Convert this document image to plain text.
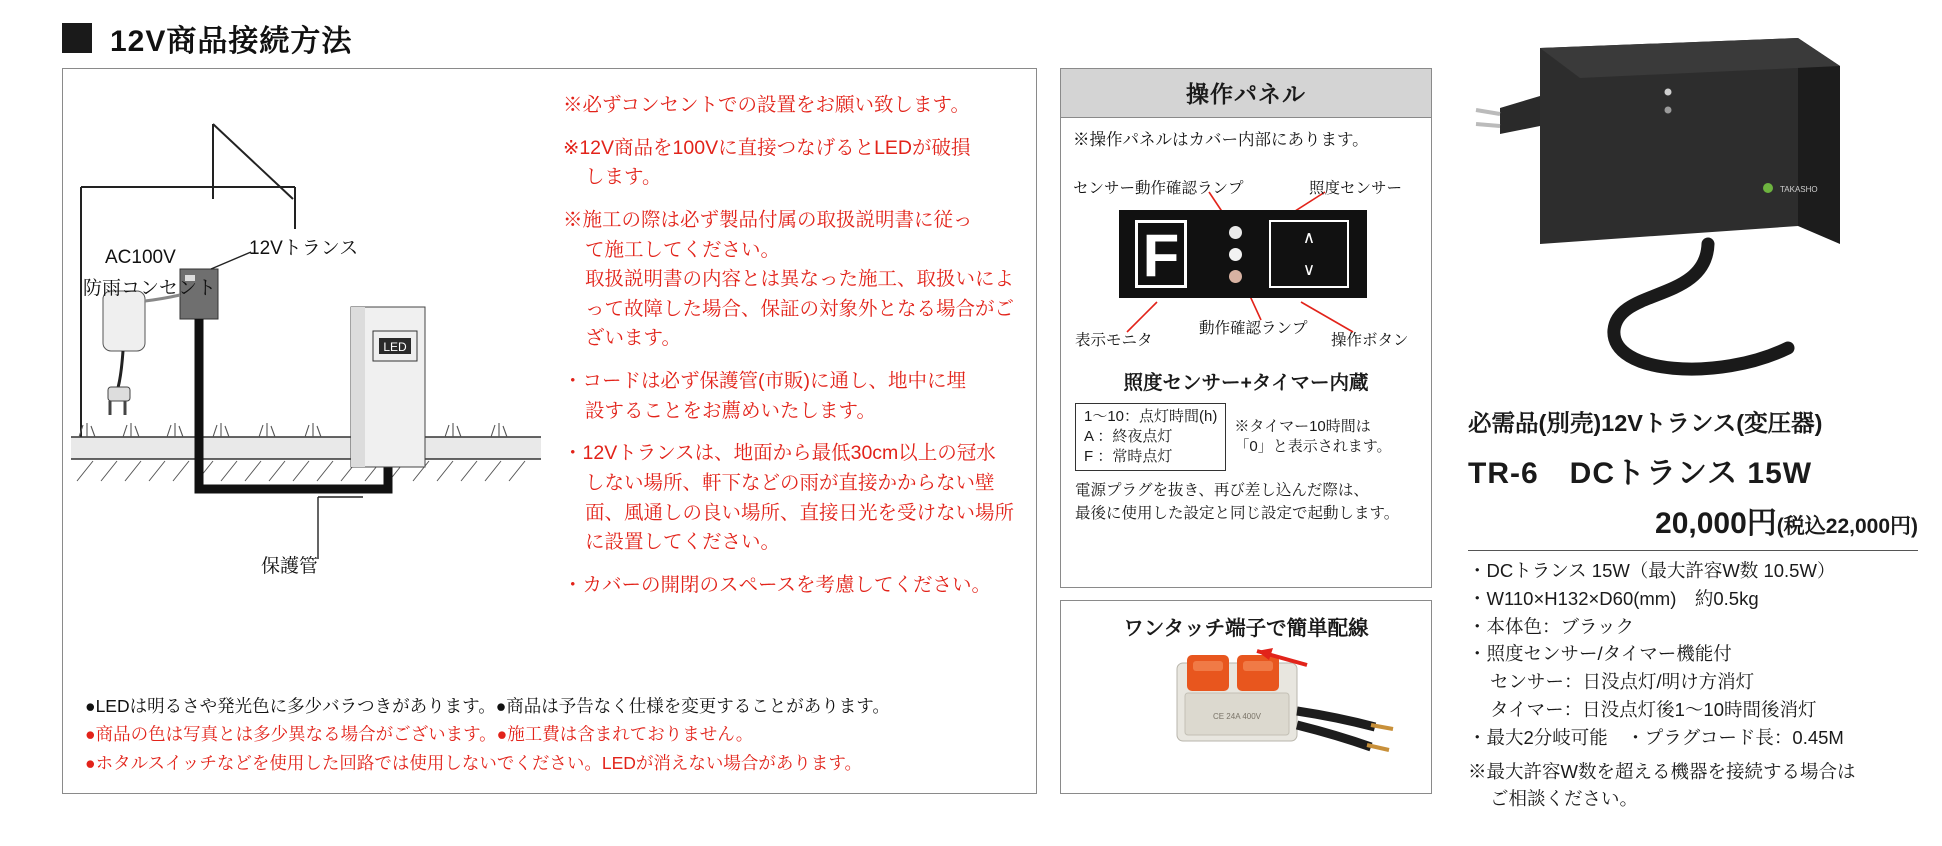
12V商品接続方法
LED
12Vトランス
AC100V
防雨コンセント
保護管
※必ずコンセントでの設置をお願い致します。
※12V商品を100Vに直接つなげるとLEDが破損
します。
※施工の際は必ず製品付属の取扱説明書に従っ
て施工してください。
取扱説明書の内容とは異なった施工、取扱いによって故障した場合、保証の対象外となる場合がございます。
・コードは必ず保護管(市販)に通し、地中に埋
設することをお薦めいたします。
・12Vトランスは、地面から最低30cm以上の冠水
しない場所、軒下などの雨が直接かからない壁面、風通しの良い場所、直接日光を受けない場所に設置してください。
・カバーの開閉のスペースを考慮してください。
●LEDは明るさや発光色に多少バラつきがあります。●商品は予告なく仕様を変更することがあります。
●商品の色は写真とは多少異なる場合がございます。●施工費は含まれておりません。
●ホタルスイッチなどを使用した回路では使用しないでください。LEDが消えない場合があります。
操作パネル
※操作パネルはカバー内部にあります。
F	∧
∨
センサー動作確認ランプ	照度センサー
動作確認ランプ
表示モニタ	操作ボタン
照度センサー+タイマー内蔵
1〜10：点灯時間(h)
A ：終夜点灯
F ：常時点灯
※タイマー10時間は
「0」と表示されます。
電源プラグを抜き、再び差し込んだ際は、
最後に使用した設定と同じ設定で起動します。
ワンタッチ端子で簡単配線
CE 24A 400V
TAKASHO
必需品(別売)12Vトランス(変圧器)
TR-6　DCトランス 15W
20,000円(税込22,000円)
・DCトランス 15W（最大許容W数 10.5W）
・W110×H132×D60(mm)　約0.5kg
・本体色：ブラック
・照度センサー/タイマー機能付
センサー：日没点灯/明け方消灯
タイマー：日没点灯後1〜10時間後消灯
・最大2分岐可能　・プラグコード長：0.45M
※最大許容W数を超える機器を接続する場合は
ご相談ください。
